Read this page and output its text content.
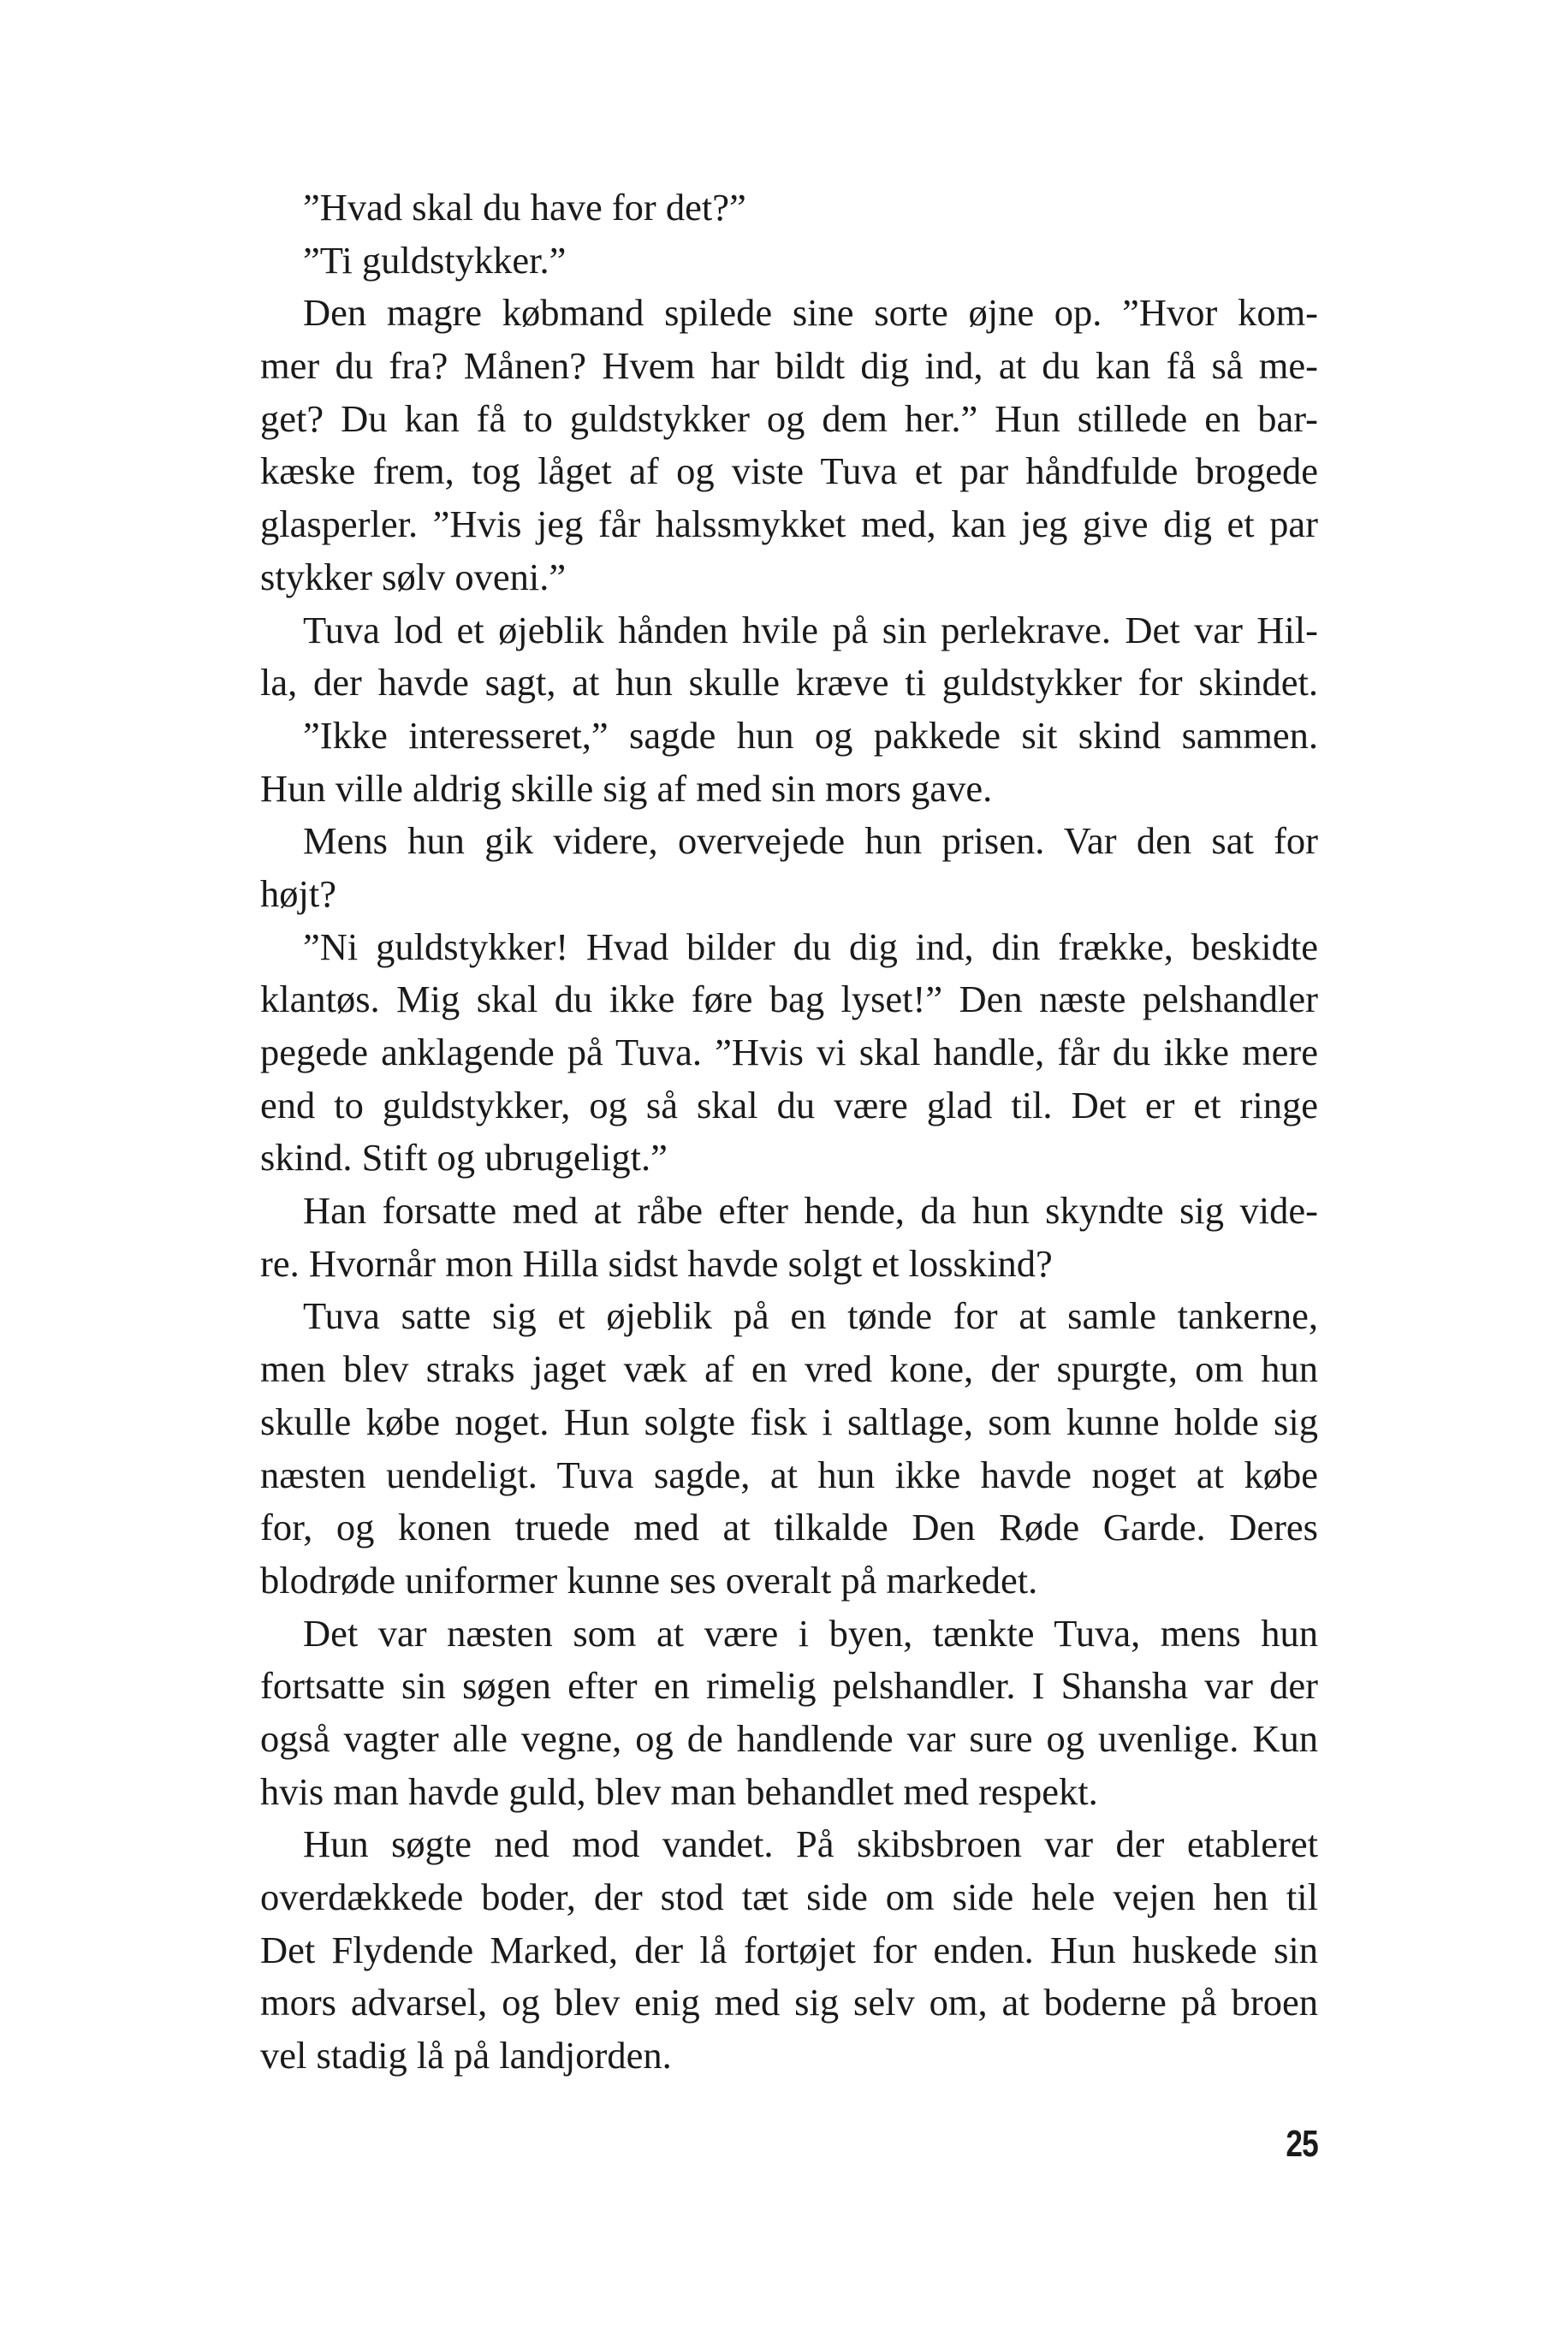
”Hvad skal du have for det?”
”Ti guldstykker.”
Den magre købmand spilede sine sorte øjne op. ”Hvor kom-
mer du fra? Månen? Hvem har bildt dig ind, at du kan få så me-
get? Du kan få to guldstykker og dem her.” Hun stillede en bar-
kæske frem, tog låget af og viste Tuva et par håndfulde brogede
glasperler. ”Hvis jeg får halssmykket med, kan jeg give dig et par
stykker sølv oveni.”
Tuva lod et øjeblik hånden hvile på sin perlekrave. Det var Hil-
la, der havde sagt, at hun skulle kræve ti guldstykker for skindet.
”Ikke interesseret,” sagde hun og pakkede sit skind sammen.
Hun ville aldrig skille sig af med sin mors gave.
Mens hun gik videre, overvejede hun prisen. Var den sat for
højt?
”Ni guldstykker! Hvad bilder du dig ind, din frække, beskidte
klantøs. Mig skal du ikke føre bag lyset!” Den næste pelshandler
pegede anklagende på Tuva. ”Hvis vi skal handle, får du ikke mere
end to guldstykker, og så skal du være glad til. Det er et ringe
skind. Stift og ubrugeligt.”
Han forsatte med at råbe efter hende, da hun skyndte sig vide-
re. Hvornår mon Hilla sidst havde solgt et losskind?
Tuva satte sig et øjeblik på en tønde for at samle tankerne,
men blev straks jaget væk af en vred kone, der spurgte, om hun
skulle købe noget. Hun solgte fisk i saltlage, som kunne holde sig
næsten uendeligt. Tuva sagde, at hun ikke havde noget at købe
for, og konen truede med at tilkalde Den Røde Garde. Deres
blodrøde uniformer kunne ses overalt på markedet.
Det var næsten som at være i byen, tænkte Tuva, mens hun
fortsatte sin søgen efter en rimelig pelshandler. I Shansha var der
også vagter alle vegne, og de handlende var sure og uvenlige. Kun
hvis man havde guld, blev man behandlet med respekt.
Hun søgte ned mod vandet. På skibsbroen var der etableret
overdækkede boder, der stod tæt side om side hele vejen hen til
Det Flydende Marked, der lå fortøjet for enden. Hun huskede sin
mors advarsel, og blev enig med sig selv om, at boderne på broen
vel stadig lå på landjorden.
25
